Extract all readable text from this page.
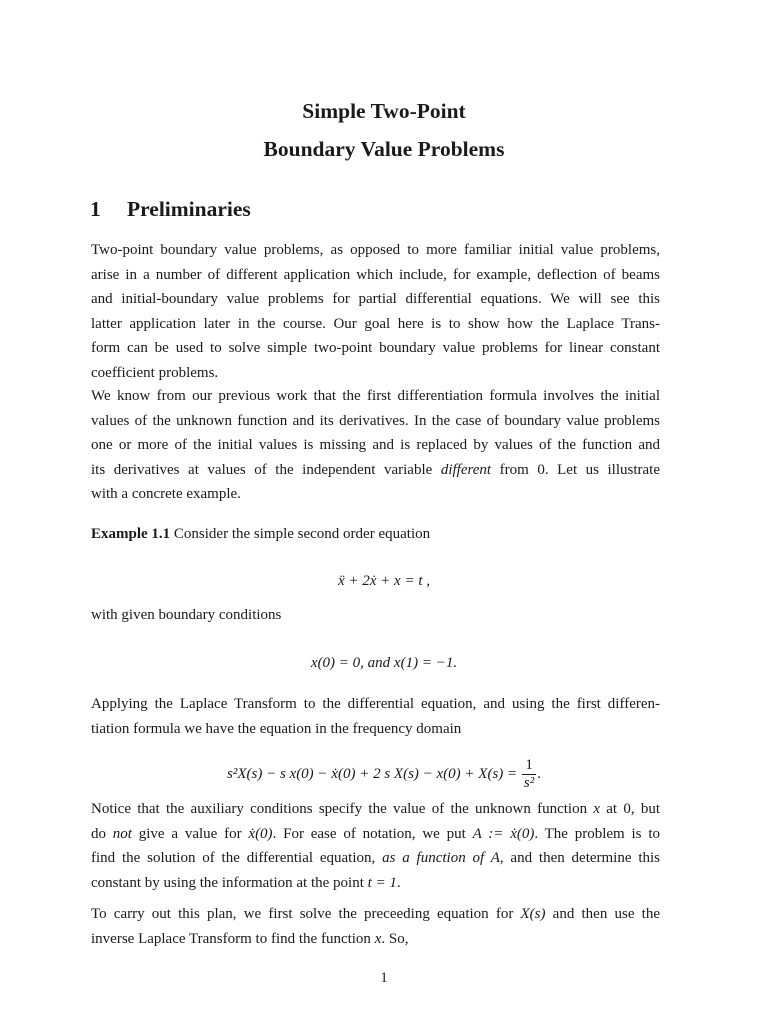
Simple Two-Point
Boundary Value Problems
1 Preliminaries
Two-point boundary value problems, as opposed to more familiar initial value problems,
arise in a number of different application which include, for example, deflection of beams
and initial-boundary value problems for partial differential equations. We will see this
latter application later in the course. Our goal here is to show how the Laplace Trans-
form can be used to solve simple two-point boundary value problems for linear constant
coefficient problems.
We know from our previous work that the first differentiation formula involves the initial
values of the unknown function and its derivatives. In the case of boundary value problems
one or more of the initial values is missing and is replaced by values of the function and
its derivatives at values of the independent variable different from 0. Let us illustrate
with a concrete example.
Example 1.1 Consider the simple second order equation
ẍ + 2ẋ + x = t ,
with given boundary conditions
x(0) = 0, and x(1) = −1.
Applying the Laplace Transform to the differential equation, and using the first differen-
tiation formula we have the equation in the frequency domain
s²X(s) − s x(0) − ẋ(0) + 2 s $X(s) - x(0) + X(s) = \frac{1}{\text{s²}}$ .
Notice that the auxiliary conditions specify the value of the unknown function x at 0, but
do not give a value for ẋ(0). For ease of notation, we put A := ẋ(0). The problem is to
find the solution of the differential equation, as a function of A, and then determine this
constant by using the information at the point t = 1.
To carry out this plan, we first solve the preceeding equation for X(s) and then use the
inverse Laplace Transform to find the function x. So,
1
